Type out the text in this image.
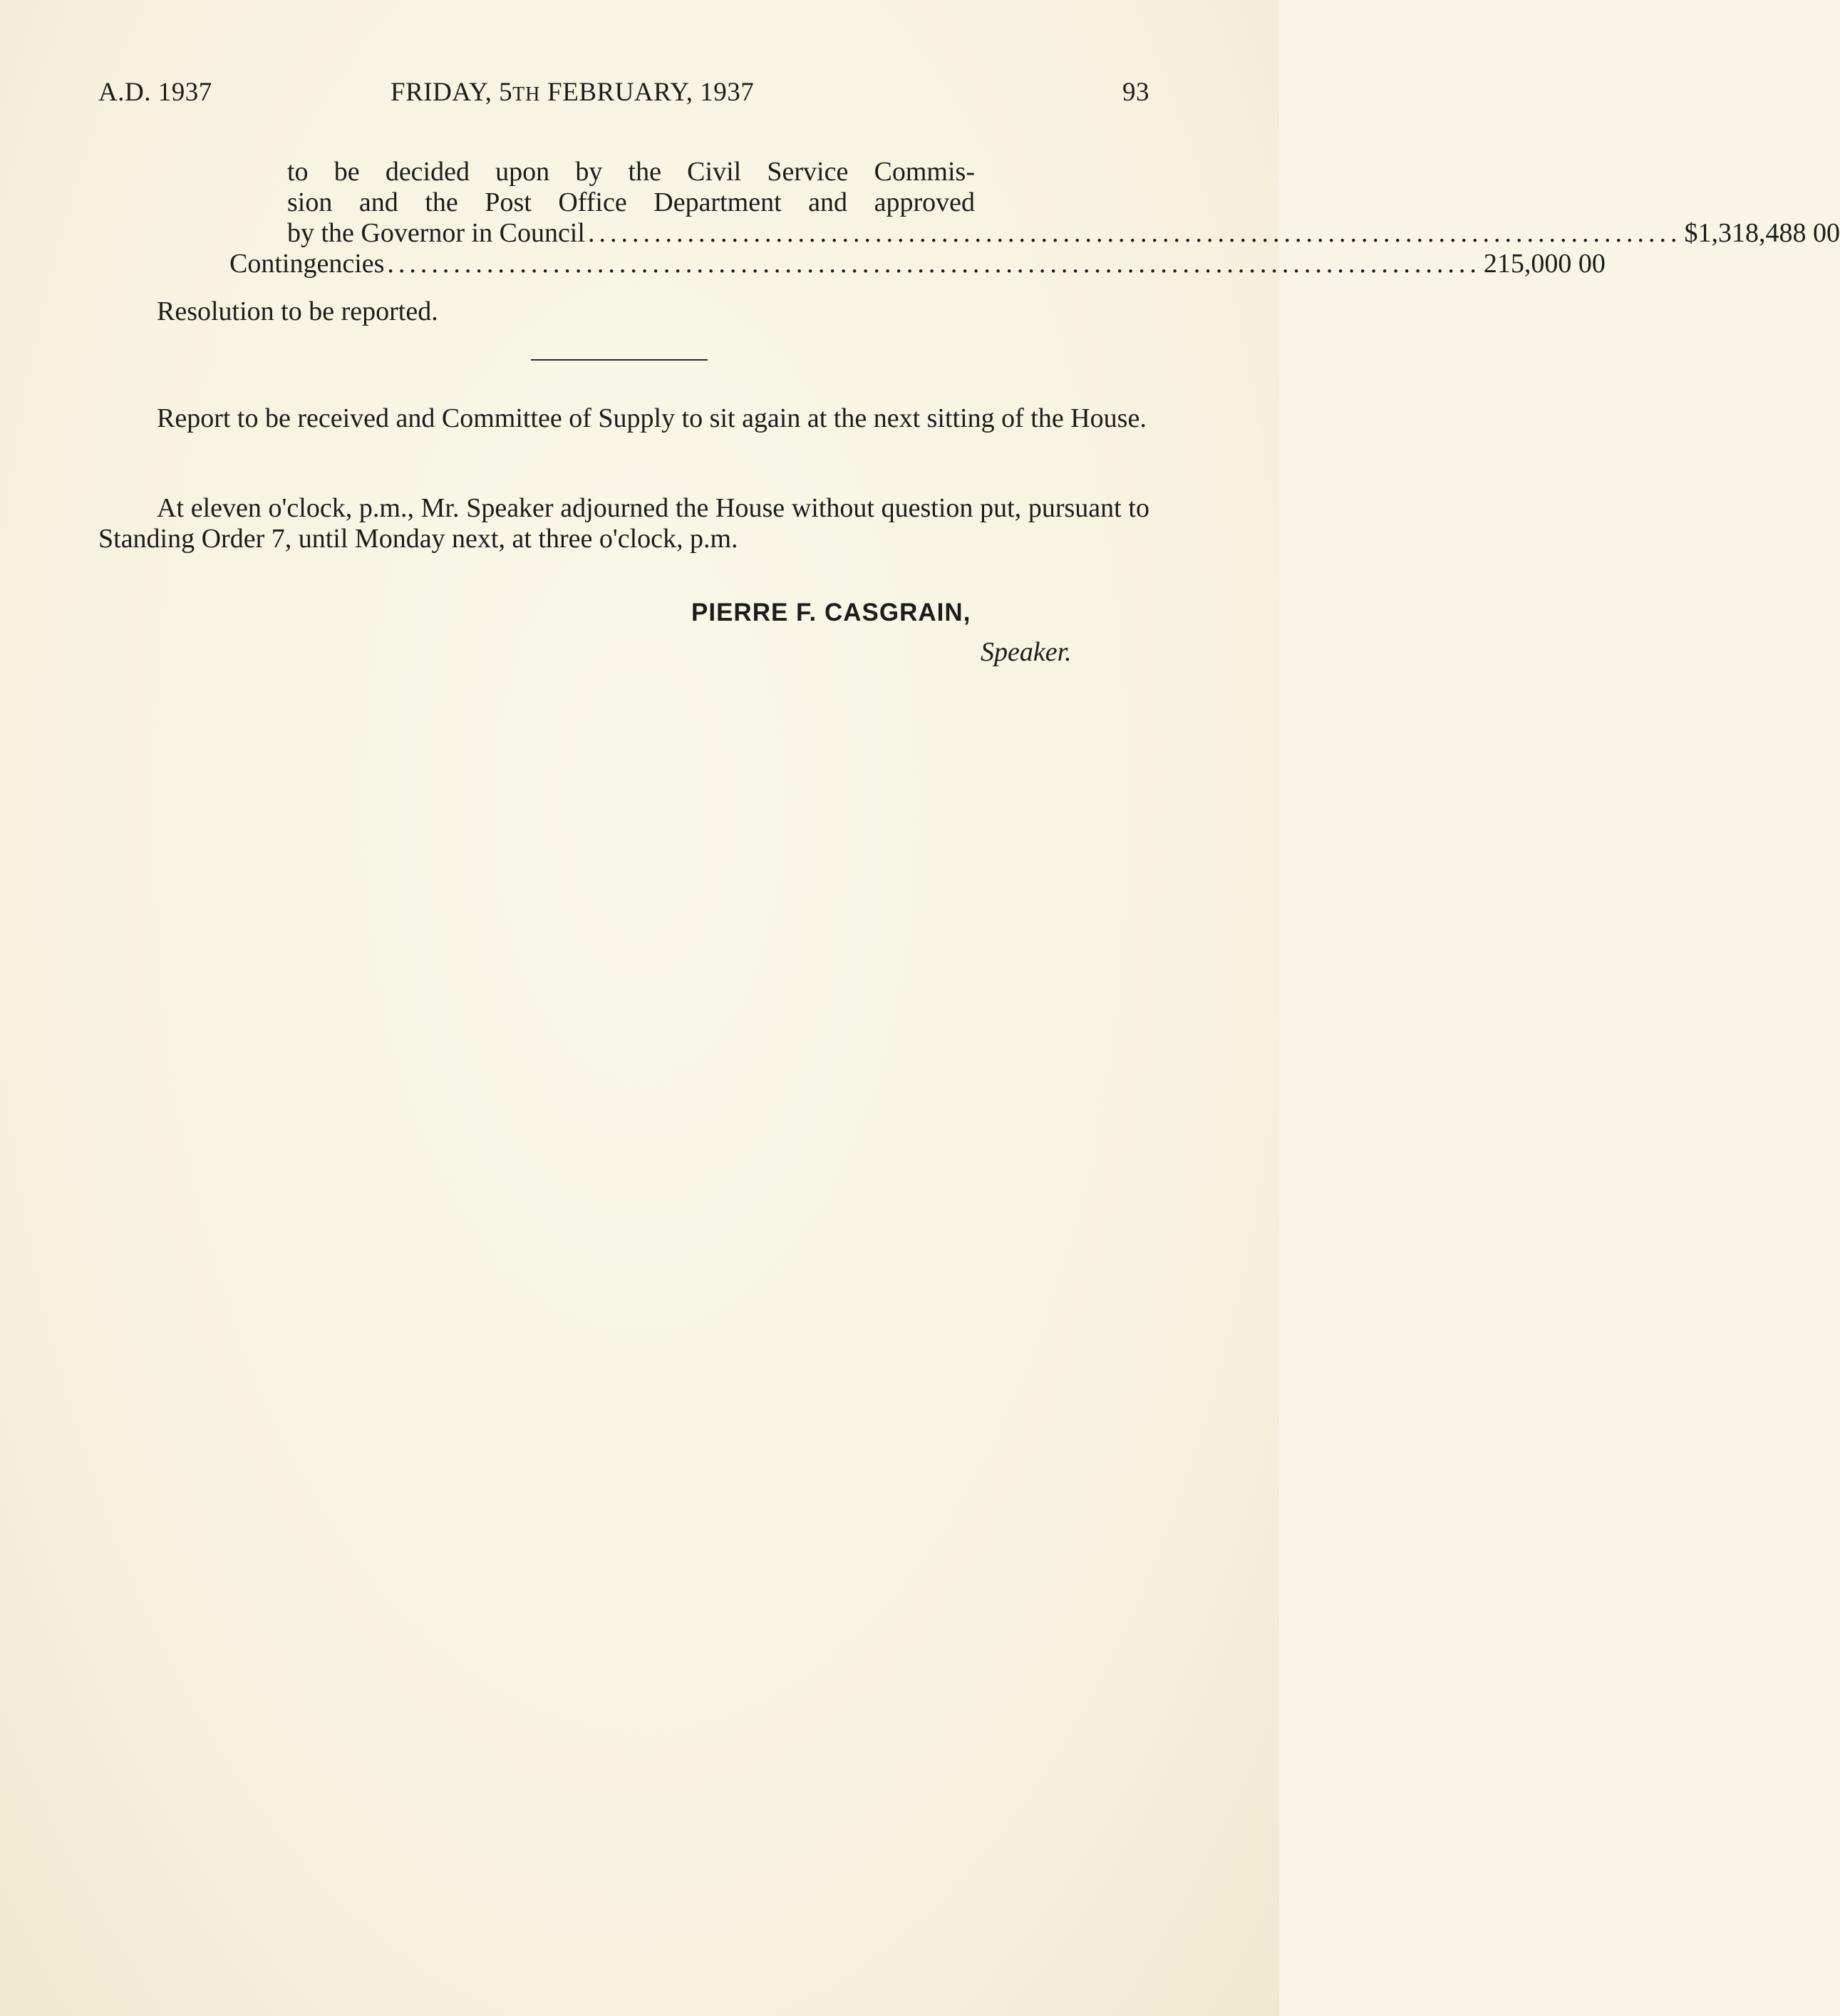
A.D. 1937	FRIDAY, 5TH FEBRUARY, 1937	93
to be decided upon by the Civil Service Commis-
sion and the Post Office Department and approved
by the Governor in Council ................................................................................................... $1,318,488 00
Contingencies ................................................................................................... 215,000 00
Resolution to be reported.

Report to be received and Committee of Supply to sit again at the next sitting of the House.

At eleven o'clock, p.m., Mr. Speaker adjourned the House without question put, pursuant to Standing Order 7, until Monday next, at three o'clock, p.m.

PIERRE F. CASGRAIN,
Speaker.
